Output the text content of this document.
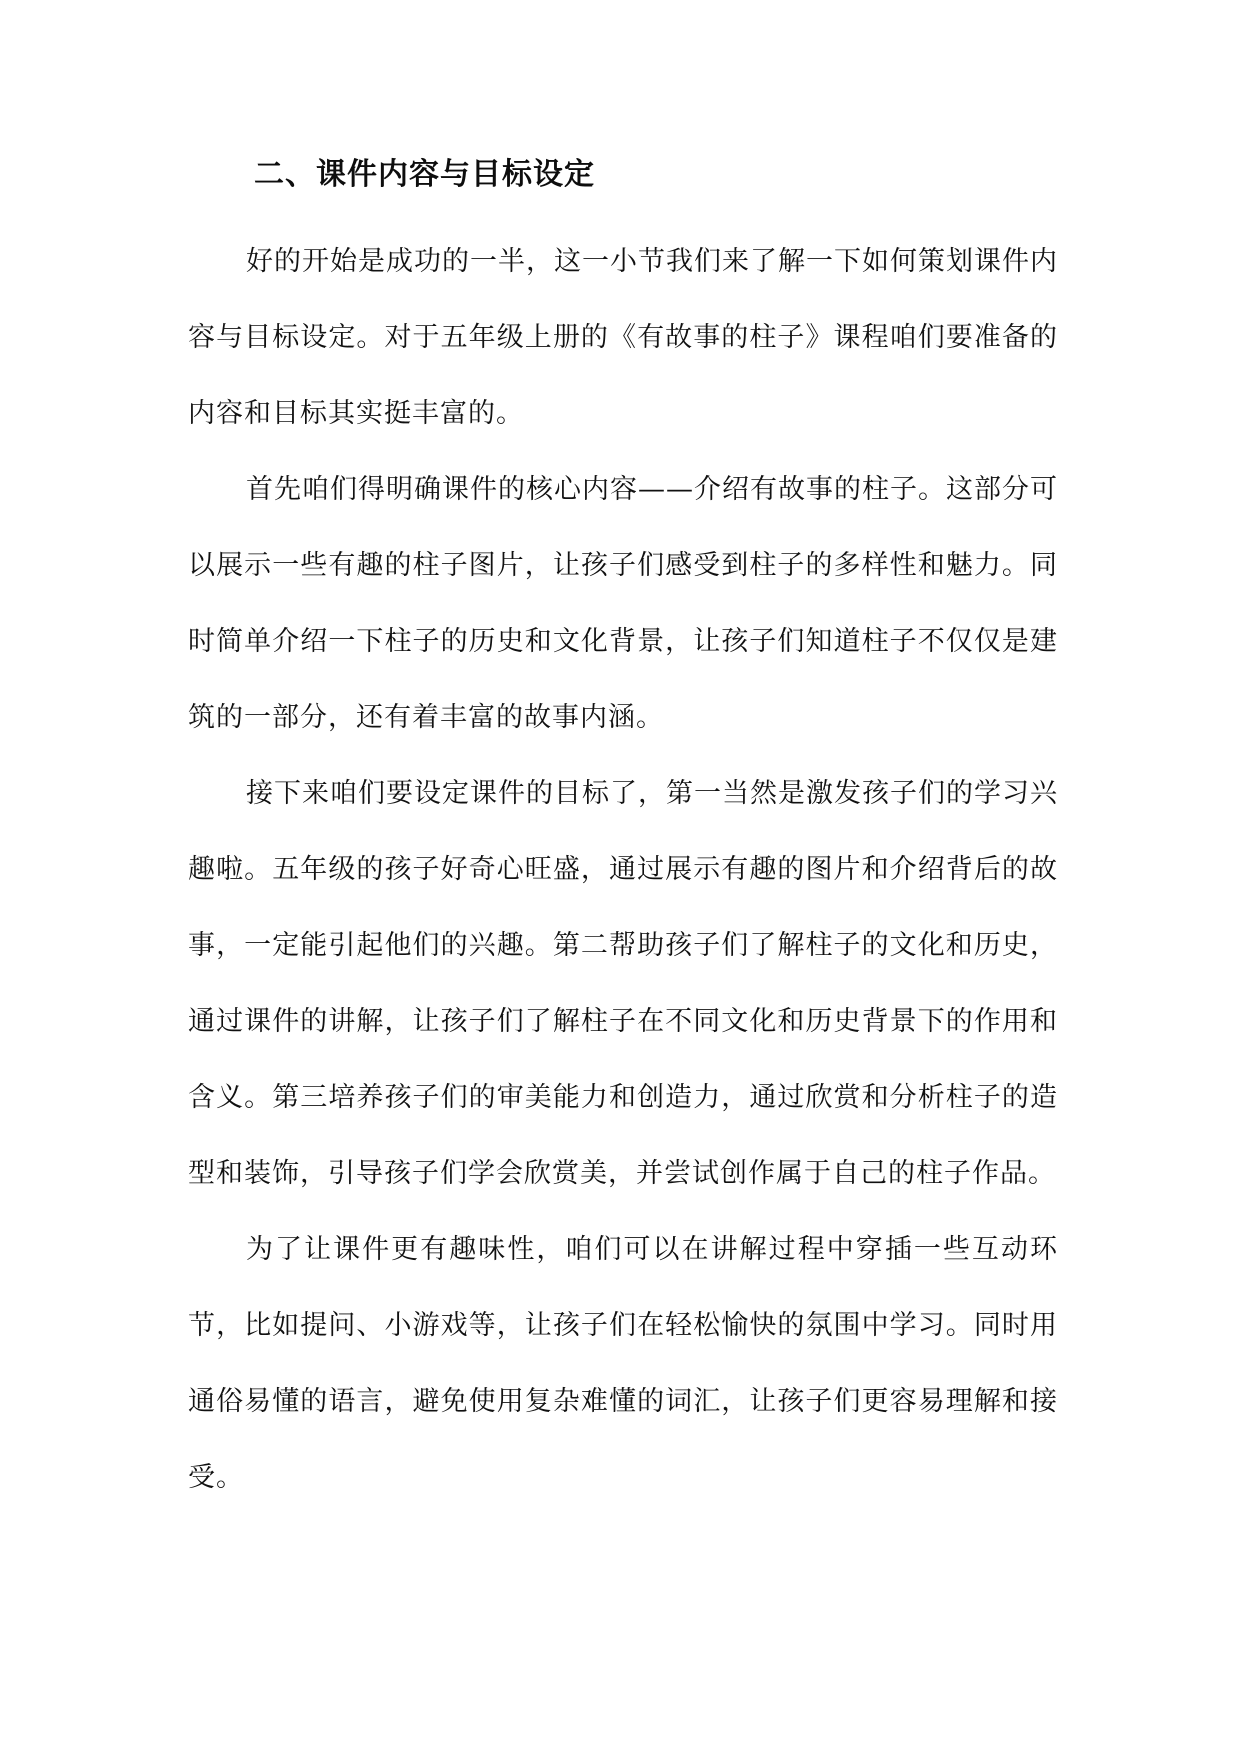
二、课件内容与目标设定

好的开始是成功的一半，这一小节我们来了解一下如何策划课件内容与目标设定。对于五年级上册的《有故事的柱子》课程咱们要准备的内容和目标其实挺丰富的。

首先咱们得明确课件的核心内容——介绍有故事的柱子。这部分可以展示一些有趣的柱子图片，让孩子们感受到柱子的多样性和魅力。同时简单介绍一下柱子的历史和文化背景，让孩子们知道柱子不仅仅是建筑的一部分，还有着丰富的故事内涵。

接下来咱们要设定课件的目标了，第一当然是激发孩子们的学习兴趣啦。五年级的孩子好奇心旺盛，通过展示有趣的图片和介绍背后的故事，一定能引起他们的兴趣。第二帮助孩子们了解柱子的文化和历史，通过课件的讲解，让孩子们了解柱子在不同文化和历史背景下的作用和含义。第三培养孩子们的审美能力和创造力，通过欣赏和分析柱子的造型和装饰，引导孩子们学会欣赏美，并尝试创作属于自己的柱子作品。

为了让课件更有趣味性，咱们可以在讲解过程中穿插一些互动环节，比如提问、小游戏等，让孩子们在轻松愉快的氛围中学习。同时用通俗易懂的语言，避免使用复杂难懂的词汇，让孩子们更容易理解和接受。
